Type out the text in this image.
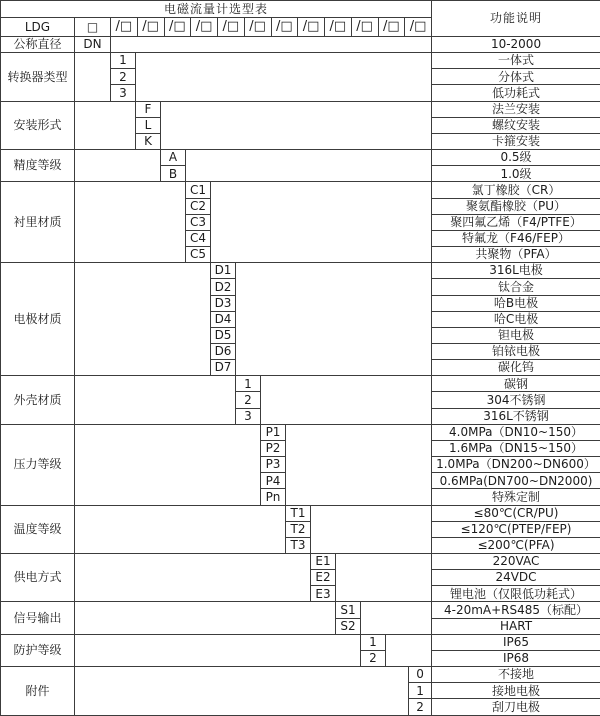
电磁流量计选型表															功能说明
LDG	□	/□ /□ /□ /□ /□ /□ /□ /□ /□ /□ /□ /□

公称直径	DN														10-2000
转换器类型		1													一体式
		2													分体式
		3													低功耗式
安装形式			F												法兰安装
			L												螺纹安装
			K												卡箍安装
精度等级				A											0.5级
				B											1.0级
衬里材质					C1										氯丁橡胶（CR）
					C2										聚氨酯橡胶（PU）
					C3										聚四氟乙烯（F4/PTFE）
					C4										特氟龙（F46/FEP）
					C5										共聚物（PFA）
电极材质						D1									316L电极
						D2									钛合金
						D3									哈B电极
						D4									哈C电极
						D5									钽电极
						D6									铂铱电极
						D7									碳化钨
外壳材质							1								碳钢
							2								304不锈钢
							3								316L不锈钢
压力等级								P1							4.0MPa（DN10~150）
								P2							1.6MPa（DN15~150）
								P3							1.0MPa（DN200~DN600）
								P4							0.6MPa(DN700~DN2000)
								Pn							特殊定制
温度等级									T1						≤80℃(CR/PU)
									T2						≤120℃(PTEP/FEP)
									T3						≤200℃(PFA)
供电方式										E1					220VAC
										E2					24VDC
										E3					锂电池（仅限低功耗式）
信号输出											S1				4-20mA+RS485（标配）
											S2				HART
防护等级												1			IP65
												2			IP68
附件														0	不接地
														1	接地电极
														2	刮刀电极
